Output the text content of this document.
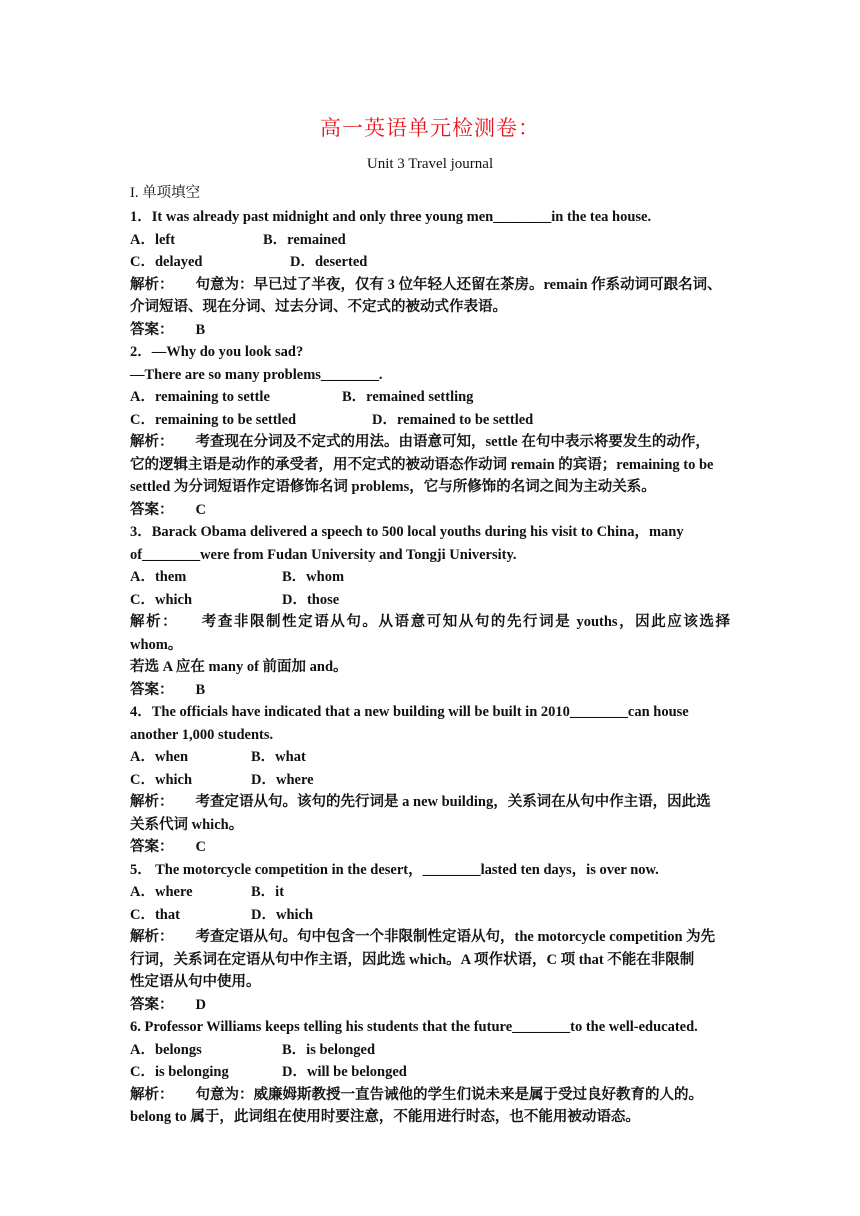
高一英语单元检测卷：
Unit 3 Travel journal
I. 单项填空
1．It was already past midnight and only three young men________in the tea house.
A．left	B．remained
C．delayed	D．deserted
解析： 句意为：早已过了半夜，仅有 3 位年轻人还留在茶房。remain 作系动词可跟名词、
介词短语、现在分词、过去分词、不定式的被动式作表语。
答案： B
2．—Why do you look sad?
—There are so many problems________.
A．remaining to settle	B．remained settling
C．remaining to be settled	D．remained to be settled
解析： 考查现在分词及不定式的用法。由语意可知，settle 在句中表示将要发生的动作，
它的逻辑主语是动作的承受者，用不定式的被动语态作动词 remain 的宾语；remaining to be
settled 为分词短语作定语修饰名词 problems，它与所修饰的名词之间为主动关系。
答案： C
3．Barack Obama delivered a speech to 500 local youths during his visit to China，many
of________were from Fudan University and Tongji University.
A．them	B．whom
C．which	D．those
解析： 考查非限制性定语从句。从语意可知从句的先行词是 youths，因此应该选择 whom。
若选 A 应在 many of 前面加 and。
答案： B
4．The officials have indicated that a new building will be built in 2010________can house
another 1,000 students.
A．when	B．what
C．which	D．where
解析： 考查定语从句。该句的先行词是 a new building，关系词在从句中作主语，因此选
关系代词 which。
答案： C
5． The motorcycle competition in the desert，________lasted ten days，is over now.
A．where	B．it
C．that	D．which
解析： 考查定语从句。句中包含一个非限制性定语从句，the motorcycle competition 为先
行词，关系词在定语从句中作主语，因此选 which。A 项作状语，C 项 that 不能在非限制
性定语从句中使用。
答案： D
6. Professor Williams keeps telling his students that the future________to the well-educated.
A．belongs	B．is belonged
C．is belonging	D．will be belonged
解析： 句意为：威廉姆斯教授一直告诫他的学生们说未来是属于受过良好教育的人的。
belong to 属于，此词组在使用时要注意，不能用进行时态，也不能用被动语态。
